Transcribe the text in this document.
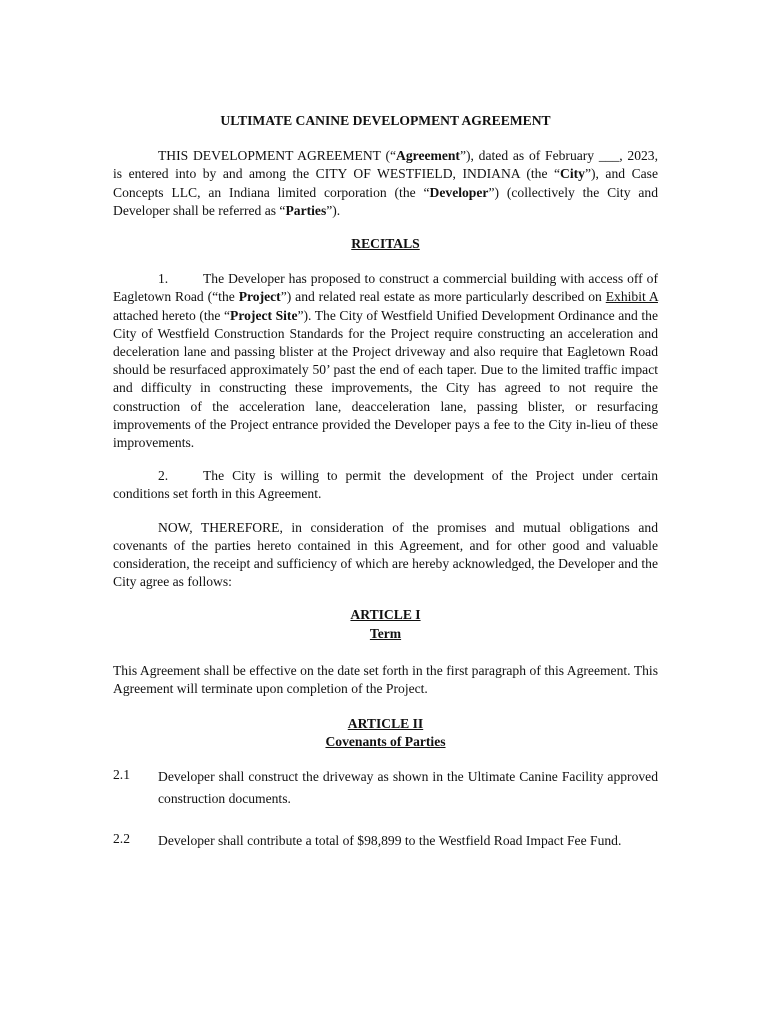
ULTIMATE CANINE DEVELOPMENT AGREEMENT

THIS DEVELOPMENT AGREEMENT (“Agreement”), dated as of February ___, 2023, is entered into by and among the CITY OF WESTFIELD, INDIANA (the “City”), and Case Concepts LLC, an Indiana limited corporation (the “Developer”) (collectively the City and Developer shall be referred as “Parties”).

RECITALS

1.	The Developer has proposed to construct a commercial building with access off of Eagletown Road (“the Project”) and related real estate as more particularly described on Exhibit A attached hereto (the “Project Site”). The City of Westfield Unified Development Ordinance and the City of Westfield Construction Standards for the Project require constructing an acceleration and deceleration lane and passing blister at the Project driveway and also require that Eagletown Road should be resurfaced approximately 50’ past the end of each taper. Due to the limited traffic impact and difficulty in constructing these improvements, the City has agreed to not require the construction of the acceleration lane, deacceleration lane, passing blister, or resurfacing improvements of the Project entrance provided the Developer pays a fee to the City in-lieu of these improvements.

2.	The City is willing to permit the development of the Project under certain conditions set forth in this Agreement.

NOW, THEREFORE, in consideration of the promises and mutual obligations and covenants of the parties hereto contained in this Agreement, and for other good and valuable consideration, the receipt and sufficiency of which are hereby acknowledged, the Developer and the City agree as follows:

ARTICLE I
Term

This Agreement shall be effective on the date set forth in the first paragraph of this Agreement. This Agreement will terminate upon completion of the Project.

ARTICLE II
Covenants of Parties
2.1	Developer shall construct the driveway as shown in the Ultimate Canine Facility approved construction documents.
2.2	Developer shall contribute a total of $98,899 to the Westfield Road Impact Fee Fund.
